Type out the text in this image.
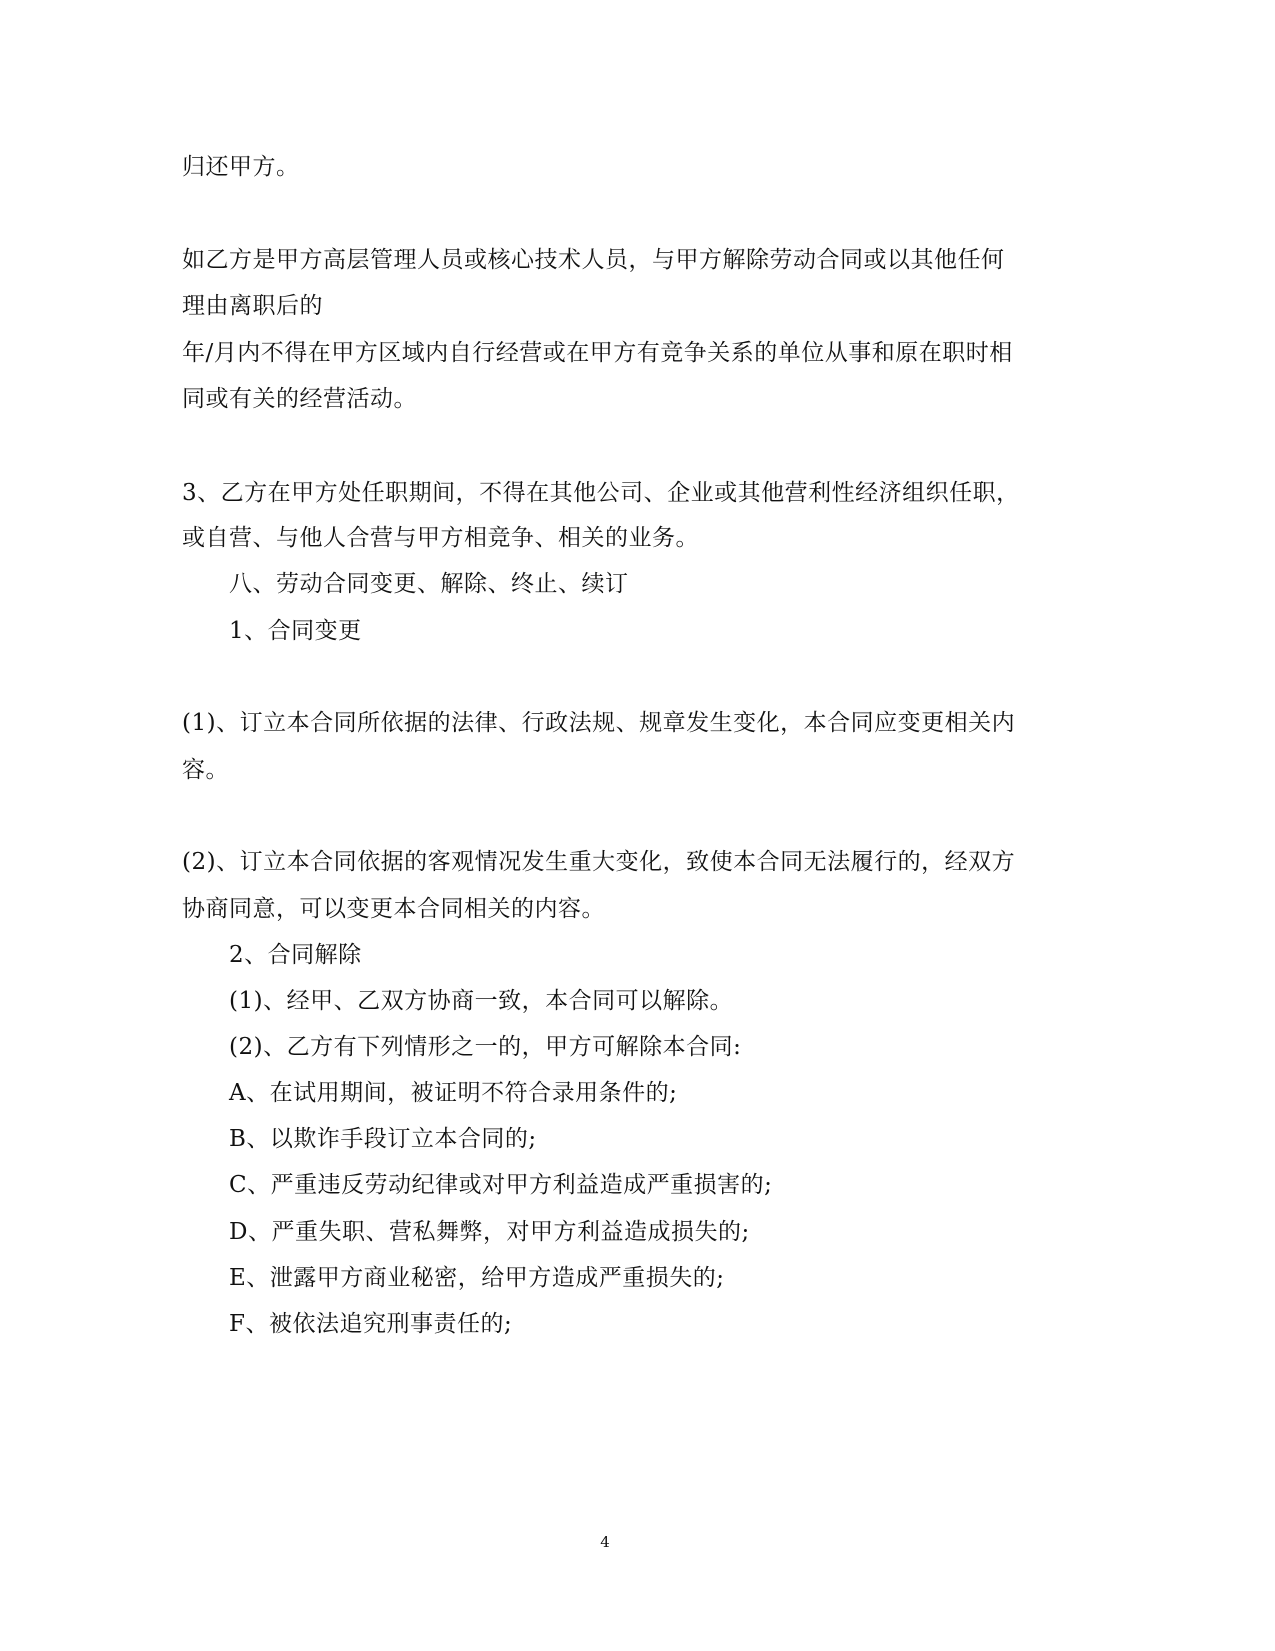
归还甲方。
如乙方是甲方高层管理人员或核心技术人员，与甲方解除劳动合同或以其他任何
理由离职后的
年/月内不得在甲方区域内自行经营或在甲方有竞争关系的单位从事和原在职时相
同或有关的经营活动。
3、乙方在甲方处任职期间，不得在其他公司、企业或其他营利性经济组织任职，
或自营、与他人合营与甲方相竞争、相关的业务。
八、劳动合同变更、解除、终止、续订
1、合同变更
(1)、订立本合同所依据的法律、行政法规、规章发生变化，本合同应变更相关内
容。
(2)、订立本合同依据的客观情况发生重大变化，致使本合同无法履行的，经双方
协商同意，可以变更本合同相关的内容。
2、合同解除
(1)、经甲、乙双方协商一致，本合同可以解除。
(2)、乙方有下列情形之一的，甲方可解除本合同:
A、在试用期间，被证明不符合录用条件的;
B、以欺诈手段订立本合同的;
C、严重违反劳动纪律或对甲方利益造成严重损害的;
D、严重失职、营私舞弊，对甲方利益造成损失的;
E、泄露甲方商业秘密，给甲方造成严重损失的;
F、被依法追究刑事责任的;
4
